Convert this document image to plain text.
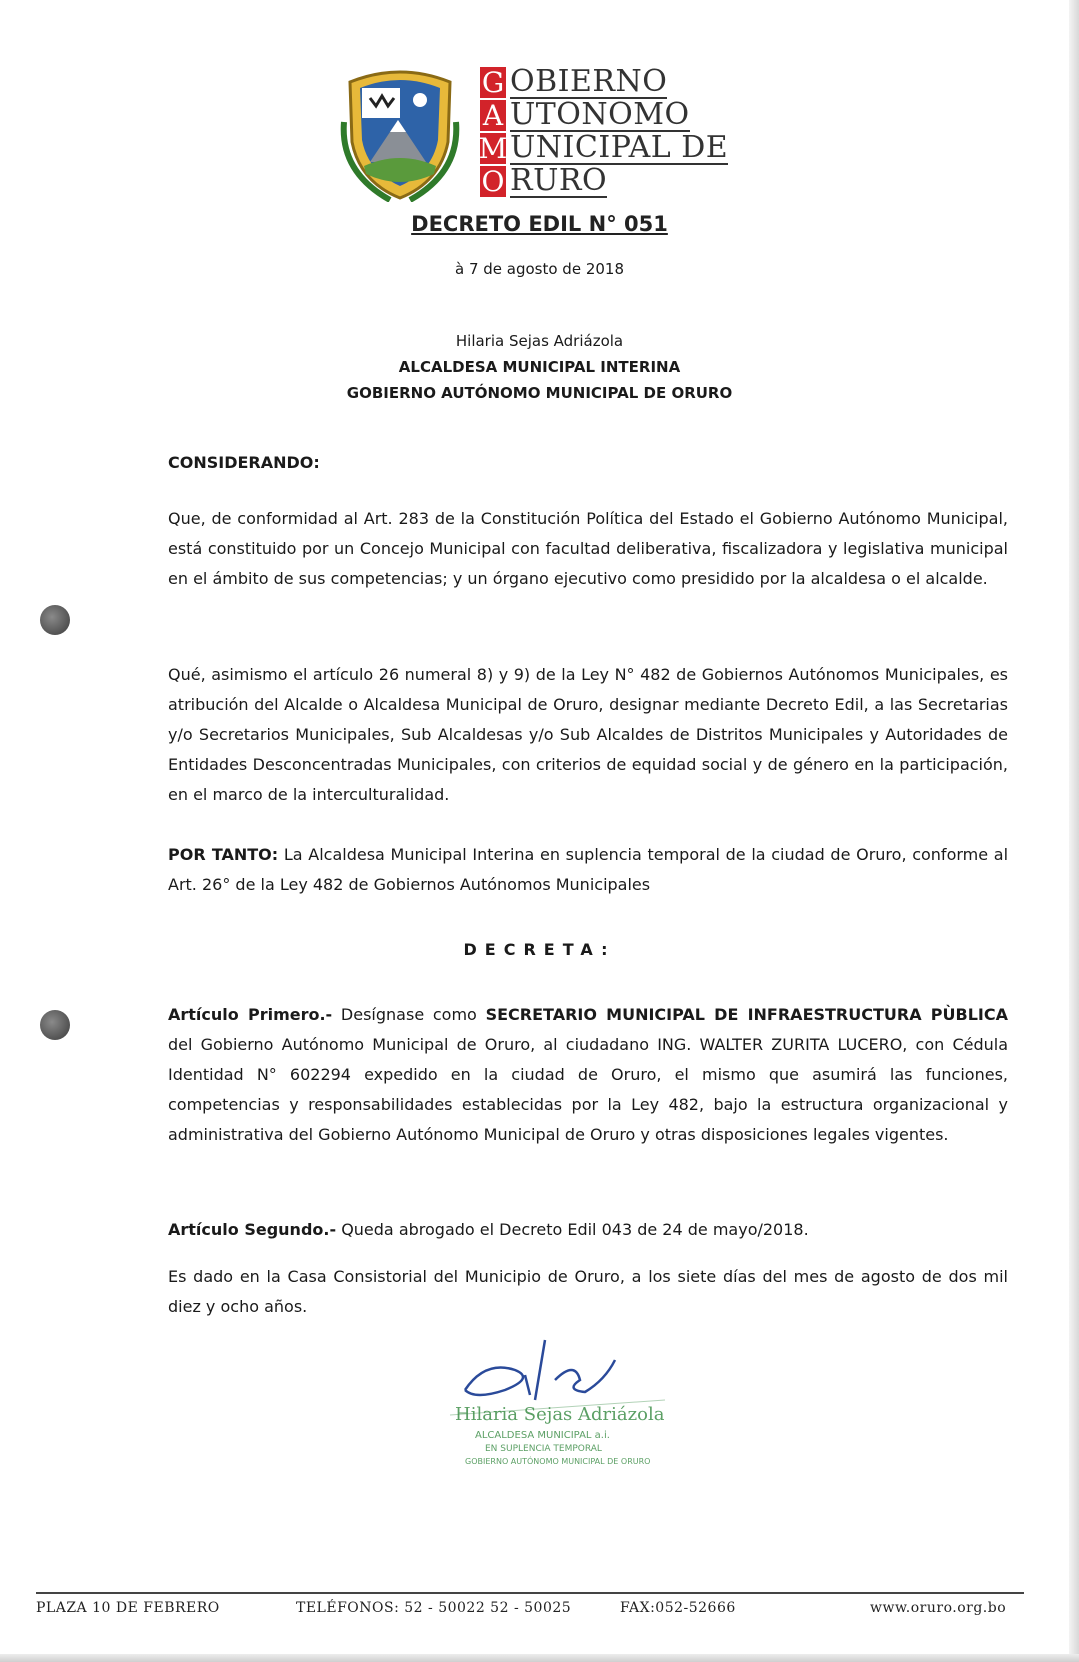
G OBIERNO
A UTONOMO
M UNICIPAL DE
O RURO
DECRETO EDIL N° 051
à 7 de agosto de 2018
Hilaria Sejas Adriázola
ALCALDESA MUNICIPAL INTERINA
GOBIERNO AUTÓNOMO MUNICIPAL DE ORURO
CONSIDERANDO:
Que, de conformidad al Art. 283 de la Constitución Política del Estado el Gobierno Autónomo Municipal, está constituido por un Concejo Municipal con facultad deliberativa, fiscalizadora y legislativa municipal en el ámbito de sus competencias; y un órgano ejecutivo como presidido por la alcaldesa o el alcalde.
Qué, asimismo el artículo 26 numeral 8) y 9) de la Ley N° 482 de Gobiernos Autónomos Municipales, es atribución del Alcalde o Alcaldesa Municipal de Oruro, designar mediante Decreto Edil, a las Secretarias y/o Secretarios Municipales, Sub Alcaldesas y/o Sub Alcaldes de Distritos Municipales y Autoridades de Entidades Desconcentradas Municipales, con criterios de equidad social y de género en la participación, en el marco de la interculturalidad.
POR TANTO: La Alcaldesa Municipal Interina en suplencia temporal de la ciudad de Oruro, conforme al Art. 26° de la Ley 482 de Gobiernos Autónomos Municipales
DECRETA:
Artículo Primero.- Desígnase como SECRETARIO MUNICIPAL DE INFRAESTRUCTURA PÙBLICA del Gobierno Autónomo Municipal de Oruro, al ciudadano ING. WALTER ZURITA LUCERO, con Cédula Identidad N° 602294 expedido en la ciudad de Oruro, el mismo que asumirá las funciones, competencias y responsabilidades establecidas por la Ley 482, bajo la estructura organizacional y administrativa del Gobierno Autónomo Municipal de Oruro y otras disposiciones legales vigentes.
Artículo Segundo.- Queda abrogado el Decreto Edil 043 de 24 de mayo/2018.
Es dado en la Casa Consistorial del Municipio de Oruro, a los siete días del mes de agosto de dos mil diez y ocho años.
Hilaria Sejas Adriázola
ALCALDESA MUNICIPAL a.i.
EN SUPLENCIA TEMPORAL
GOBIERNO AUTÓNOMO MUNICIPAL DE ORURO
PLAZA 10 DE FEBRERO	TELÉFONOS: 52 - 50022 52 - 50025	FAX:052-52666	www.oruro.org.bo
